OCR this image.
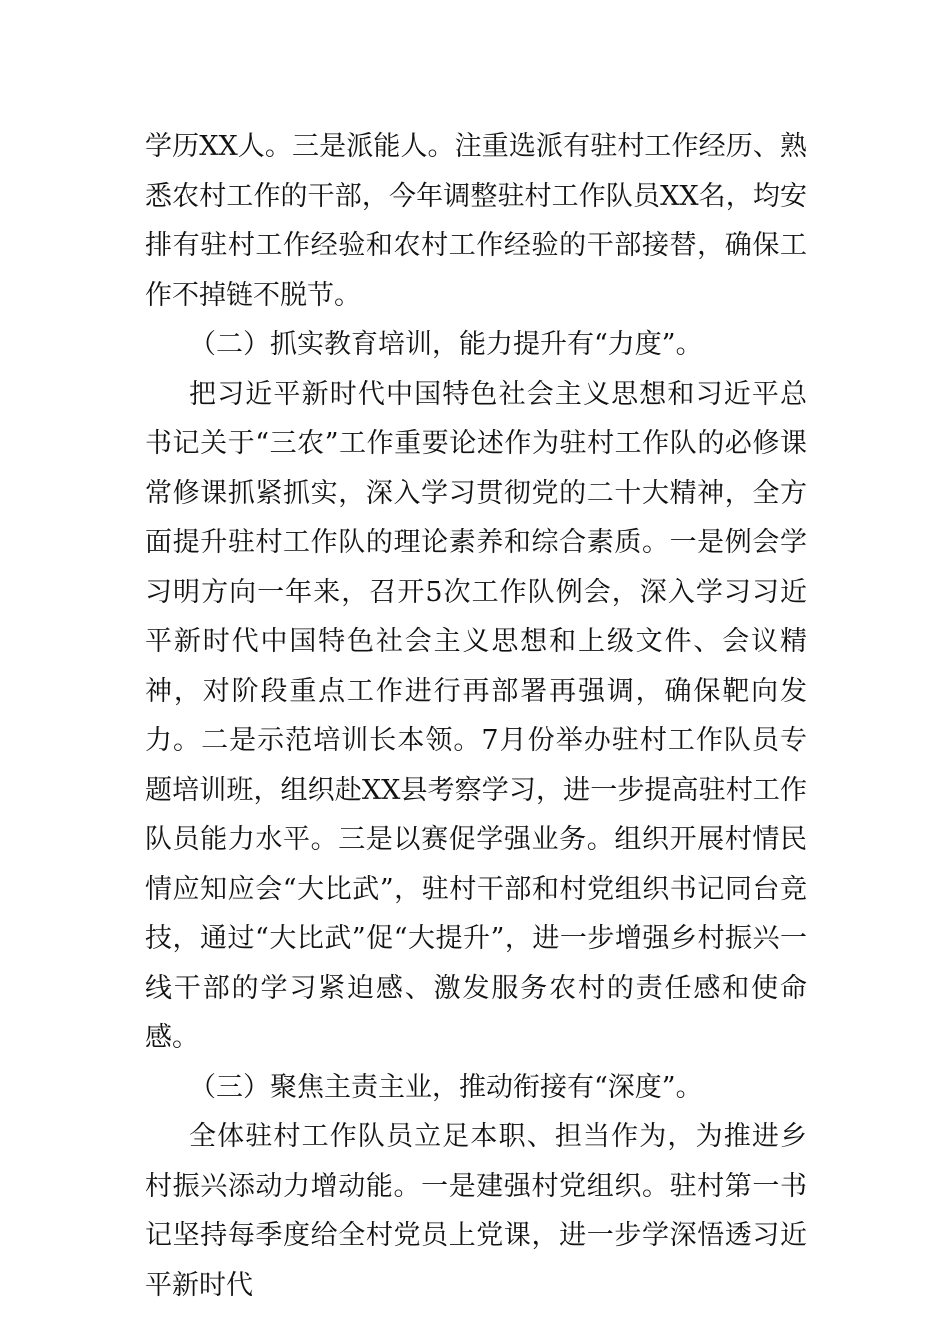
学历XX人。三是派能人。注重选派有驻村工作经历、熟悉农村工作的干部，今年调整驻村工作队员XX名，均安排有驻村工作经验和农村工作经验的干部接替，确保工作不掉链不脱节。

（二）抓实教育培训，能力提升有“力度”。

把习近平新时代中国特色社会主义思想和习近平总书记关于“三农”工作重要论述作为驻村工作队的必修课常修课抓紧抓实，深入学习贯彻党的二十大精神，全方面提升驻村工作队的理论素养和综合素质。一是例会学习明方向一年来，召开5次工作队例会，深入学习习近平新时代中国特色社会主义思想和上级文件、会议精神，对阶段重点工作进行再部署再强调，确保靶向发力。二是示范培训长本领。7月份举办驻村工作队员专题培训班，组织赴XX县考察学习，进一步提高驻村工作队员能力水平。三是以赛促学强业务。组织开展村情民情应知应会“大比武”，驻村干部和村党组织书记同台竞技，通过“大比武”促“大提升”，进一步增强乡村振兴一线干部的学习紧迫感、激发服务农村的责任感和使命感。

（三）聚焦主责主业，推动衔接有“深度”。

全体驻村工作队员立足本职、担当作为，为推进乡村振兴添动力增动能。一是建强村党组织。驻村第一书记坚持每季度给全村党员上党课，进一步学深悟透习近平新时代
